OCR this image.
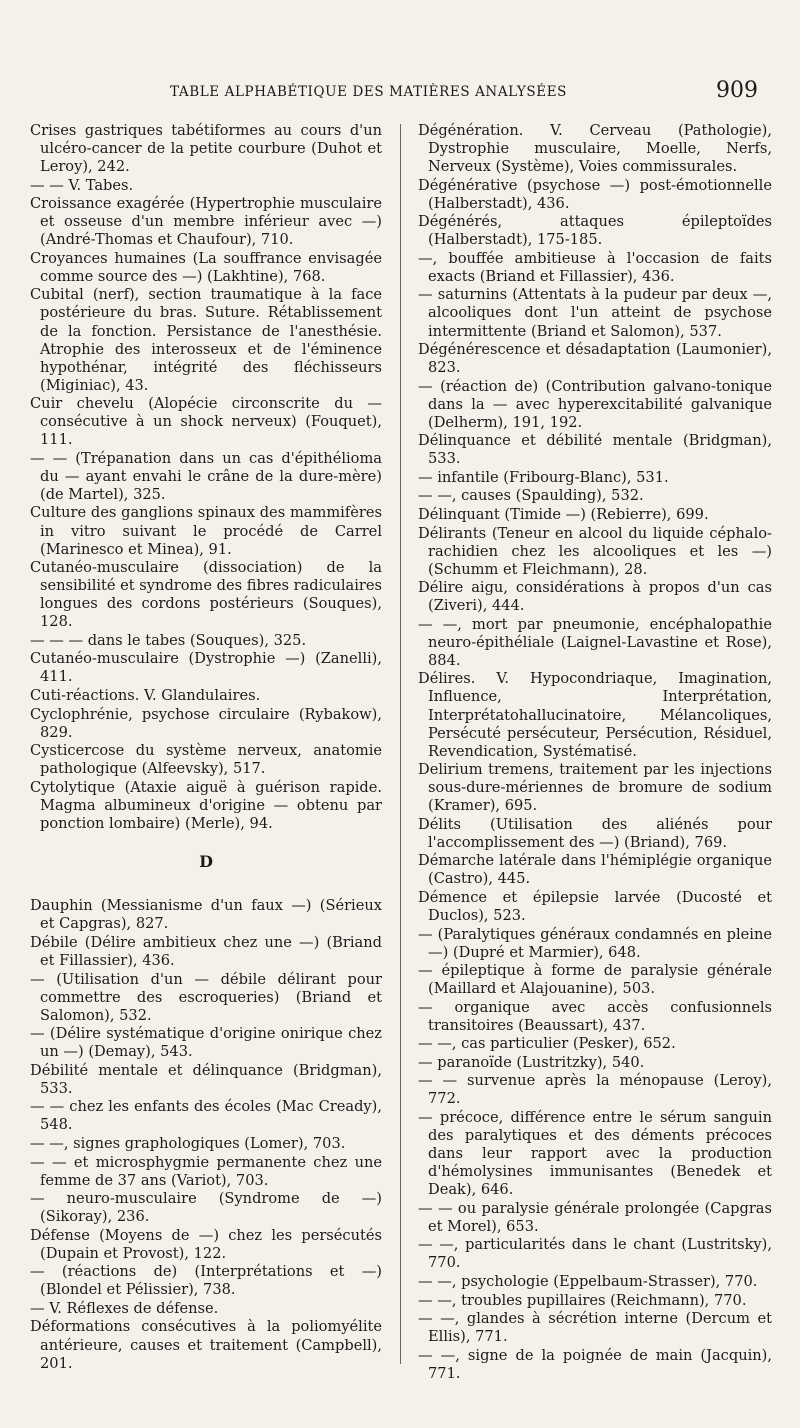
TABLE ALPHABÉTIQUE DES MATIÈRES ANALYSÉES	909
Crises gastriques tabétiformes au cours d'un ulcéro-cancer de la petite courbure (Duhot et Leroy), 242.
— — V. Tabes.
Croissance exagérée (Hypertrophie musculaire et osseuse d'un membre inférieur avec —) (André-Thomas et Chaufour), 710.
Croyances humaines (La souffrance envisagée comme source des —) (Lakhtine), 768.
Cubital (nerf), section traumatique à la face postérieure du bras. Suture. Rétablissement de la fonction. Persistance de l'anesthésie. Atrophie des interosseux et de l'éminence hypothénar, intégrité des fléchisseurs (Miginiac), 43.
Cuir chevelu (Alopécie circonscrite du — consécutive à un shock nerveux) (Fouquet), 111.
— — (Trépanation dans un cas d'épithélioma du — ayant envahi le crâne de la dure-mère) (de Martel), 325.
Culture des ganglions spinaux des mammifères in vitro suivant le procédé de Carrel (Marinesco et Minea), 91.
Cutanéo-musculaire (dissociation) de la sensibilité et syndrome des fibres radiculaires longues des cordons postérieurs (Souques), 128.
— — — dans le tabes (Souques), 325.
Cutanéo-musculaire (Dystrophie —) (Zanelli), 411.
Cuti-réactions. V. Glandulaires.
Cyclophrénie, psychose circulaire (Rybakow), 829.
Cysticercose du système nerveux, anatomie pathologique (Alfeevsky), 517.
Cytolytique (Ataxie aiguë à guérison rapide. Magma albumineux d'origine — obtenu par ponction lombaire) (Merle), 94.
D
Dauphin (Messianisme d'un faux —) (Sérieux et Capgras), 827.
Débile (Délire ambitieux chez une —) (Briand et Fillassier), 436.
— (Utilisation d'un — débile délirant pour commettre des escroqueries) (Briand et Salomon), 532.
— (Délire systématique d'origine onirique chez un —) (Demay), 543.
Débilité mentale et délinquance (Bridgman), 533.
— — chez les enfants des écoles (Mac Cready), 548.
— —, signes graphologiques (Lomer), 703.
— — et microsphygmie permanente chez une femme de 37 ans (Variot), 703.
— neuro-musculaire (Syndrome de —) (Sikoray), 236.
Défense (Moyens de —) chez les persécutés (Dupain et Provost), 122.
— (réactions de) (Interprétations et —) (Blondel et Pélissier), 738.
— V. Réflexes de défense.
Déformations consécutives à la poliomyélite antérieure, causes et traitement (Campbell), 201.
Dégénération. V. Cerveau (Pathologie), Dystrophie musculaire, Moelle, Nerfs, Nerveux (Système), Voies commissurales.
Dégénérative (psychose —) post-émotionnelle (Halberstadt), 436.
Dégénérés, attaques épileptoïdes (Halberstadt), 175-185.
—, bouffée ambitieuse à l'occasion de faits exacts (Briand et Fillassier), 436.
— saturnins (Attentats à la pudeur par deux —, alcooliques dont l'un atteint de psychose intermittente (Briand et Salomon), 537.
Dégénérescence et désadaptation (Laumonier), 823.
— (réaction de) (Contribution galvano-tonique dans la — avec hyperexcitabilité galvanique (Delherm), 191, 192.
Délinquance et débilité mentale (Bridgman), 533.
— infantile (Fribourg-Blanc), 531.
— —, causes (Spaulding), 532.
Délinquant (Timide —) (Rebierre), 699.
Délirants (Teneur en alcool du liquide céphalo-rachidien chez les alcooliques et les —) (Schumm et Fleichmann), 28.
Délire aigu, considérations à propos d'un cas (Ziveri), 444.
— —, mort par pneumonie, encéphalopathie neuro-épithéliale (Laignel-Lavastine et Rose), 884.
Délires. V. Hypocondriaque, Imagination, Influence, Interprétation, Interprétatohallucinatoire, Mélancoliques, Persécuté persécuteur, Persécution, Résiduel, Revendication, Systématisé.
Delirium tremens, traitement par les injections sous-dure-mériennes de bromure de sodium (Kramer), 695.
Délits (Utilisation des aliénés pour l'accomplissement des —) (Briand), 769.
Démarche latérale dans l'hémiplégie organique (Castro), 445.
Démence et épilepsie larvée (Ducosté et Duclos), 523.
— (Paralytiques généraux condamnés en pleine —) (Dupré et Marmier), 648.
— épileptique à forme de paralysie générale (Maillard et Alajouanine), 503.
— organique avec accès confusionnels transitoires (Beaussart), 437.
— —, cas particulier (Pesker), 652.
— paranoïde (Lustritzky), 540.
— — survenue après la ménopause (Leroy), 772.
— précoce, différence entre le sérum sanguin des paralytiques et des déments précoces dans leur rapport avec la production d'hémolysines immunisantes (Benedek et Deak), 646.
— — ou paralysie générale prolongée (Capgras et Morel), 653.
— —, particularités dans le chant (Lustritsky), 770.
— —, psychologie (Eppelbaum-Strasser), 770.
— —, troubles pupillaires (Reichmann), 770.
— —, glandes à sécrétion interne (Dercum et Ellis), 771.
— —, signe de la poignée de main (Jacquin), 771.
